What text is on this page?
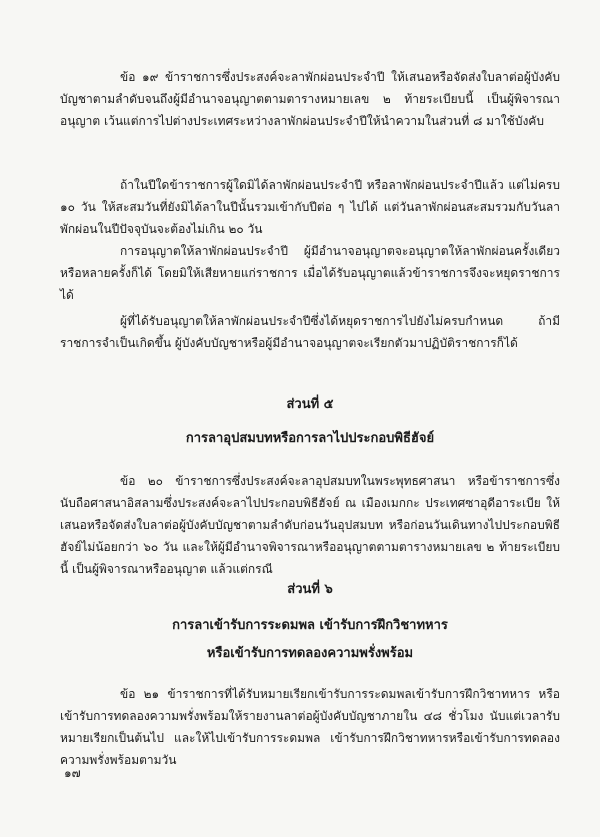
ข้อ ๑๙ ข้าราชการซึ่งประสงค์จะลาพักผ่อนประจำปี ให้เสนอหรือจัดส่งใบลาต่อผู้บังคับบัญชาตามลำดับจนถึงผู้มีอำนาจอนุญาตตามตารางหมายเลข ๒ ท้ายระเบียบนี้ เป็นผู้พิจารณาอนุญาต เว้นแต่การไปต่างประเทศระหว่างลาพักผ่อนประจำปีให้นำความในส่วนที่ ๘ มาใช้บังคับ

ถ้าในปีใดข้าราชการผู้ใดมิได้ลาพักผ่อนประจำปี หรือลาพักผ่อนประจำปีแล้ว แต่ไม่ครบ ๑๐ วัน ให้สะสมวันที่ยังมิได้ลาในปีนั้นรวมเข้ากับปีต่อ ๆ ไปได้ แต่วันลาพักผ่อนสะสมรวมกับวันลาพักผ่อนในปีปัจจุบันจะต้องไม่เกิน ๒๐ วัน

การอนุญาตให้ลาพักผ่อนประจำปี ผู้มีอำนาจอนุญาตจะอนุญาตให้ลาพักผ่อนครั้งเดียว หรือหลายครั้งก็ได้ โดยมิให้เสียหายแก่ราชการ เมื่อได้รับอนุญาตแล้วข้าราชการจึงจะหยุดราชการได้

ผู้ที่ได้รับอนุญาตให้ลาพักผ่อนประจำปีซึ่งได้หยุดราชการไปยังไม่ครบกำหนด ถ้ามีราชการจำเป็นเกิดขึ้น ผู้บังคับบัญชาหรือผู้มีอำนาจอนุญาตจะเรียกตัวมาปฏิบัติราชการก็ได้

ส่วนที่ ๕

การลาอุปสมบทหรือการลาไปประกอบพิธีฮัจย์

ข้อ ๒๐ ข้าราชการซึ่งประสงค์จะลาอุปสมบทในพระพุทธศาสนา หรือข้าราชการซึ่งนับถือศาสนาอิสลามซึ่งประสงค์จะลาไปประกอบพิธีฮัจย์ ณ เมืองเมกกะ ประเทศซาอุดีอาระเบีย ให้เสนอหรือจัดส่งใบลาต่อผู้บังคับบัญชาตามลำดับก่อนวันอุปสมบท หรือก่อนวันเดินทางไปประกอบพิธีฮัจย์ไม่น้อยกว่า ๖๐ วัน และให้ผู้มีอำนาจพิจารณาหรืออนุญาตตามตารางหมายเลข ๒ ท้ายระเบียบนี้ เป็นผู้พิจารณาหรืออนุญาต แล้วแต่กรณี

ส่วนที่ ๖

การลาเข้ารับการระดมพล เข้ารับการฝึกวิชาทหาร

หรือเข้ารับการทดลองความพรั่งพร้อม

ข้อ ๒๑ ข้าราชการที่ได้รับหมายเรียกเข้ารับการระดมพลเข้ารับการฝึกวิชาทหาร หรือเข้ารับการทดลองความพรั่งพร้อมให้รายงานลาต่อผู้บังคับบัญชาภายใน ๔๘ ชั่วโมง นับแต่เวลารับหมายเรียกเป็นต้นไป และให้ไปเข้ารับการระดมพล เข้ารับการฝึกวิชาทหารหรือเข้ารับการทดลองความพรั่งพร้อมตามวัน

๑๗
